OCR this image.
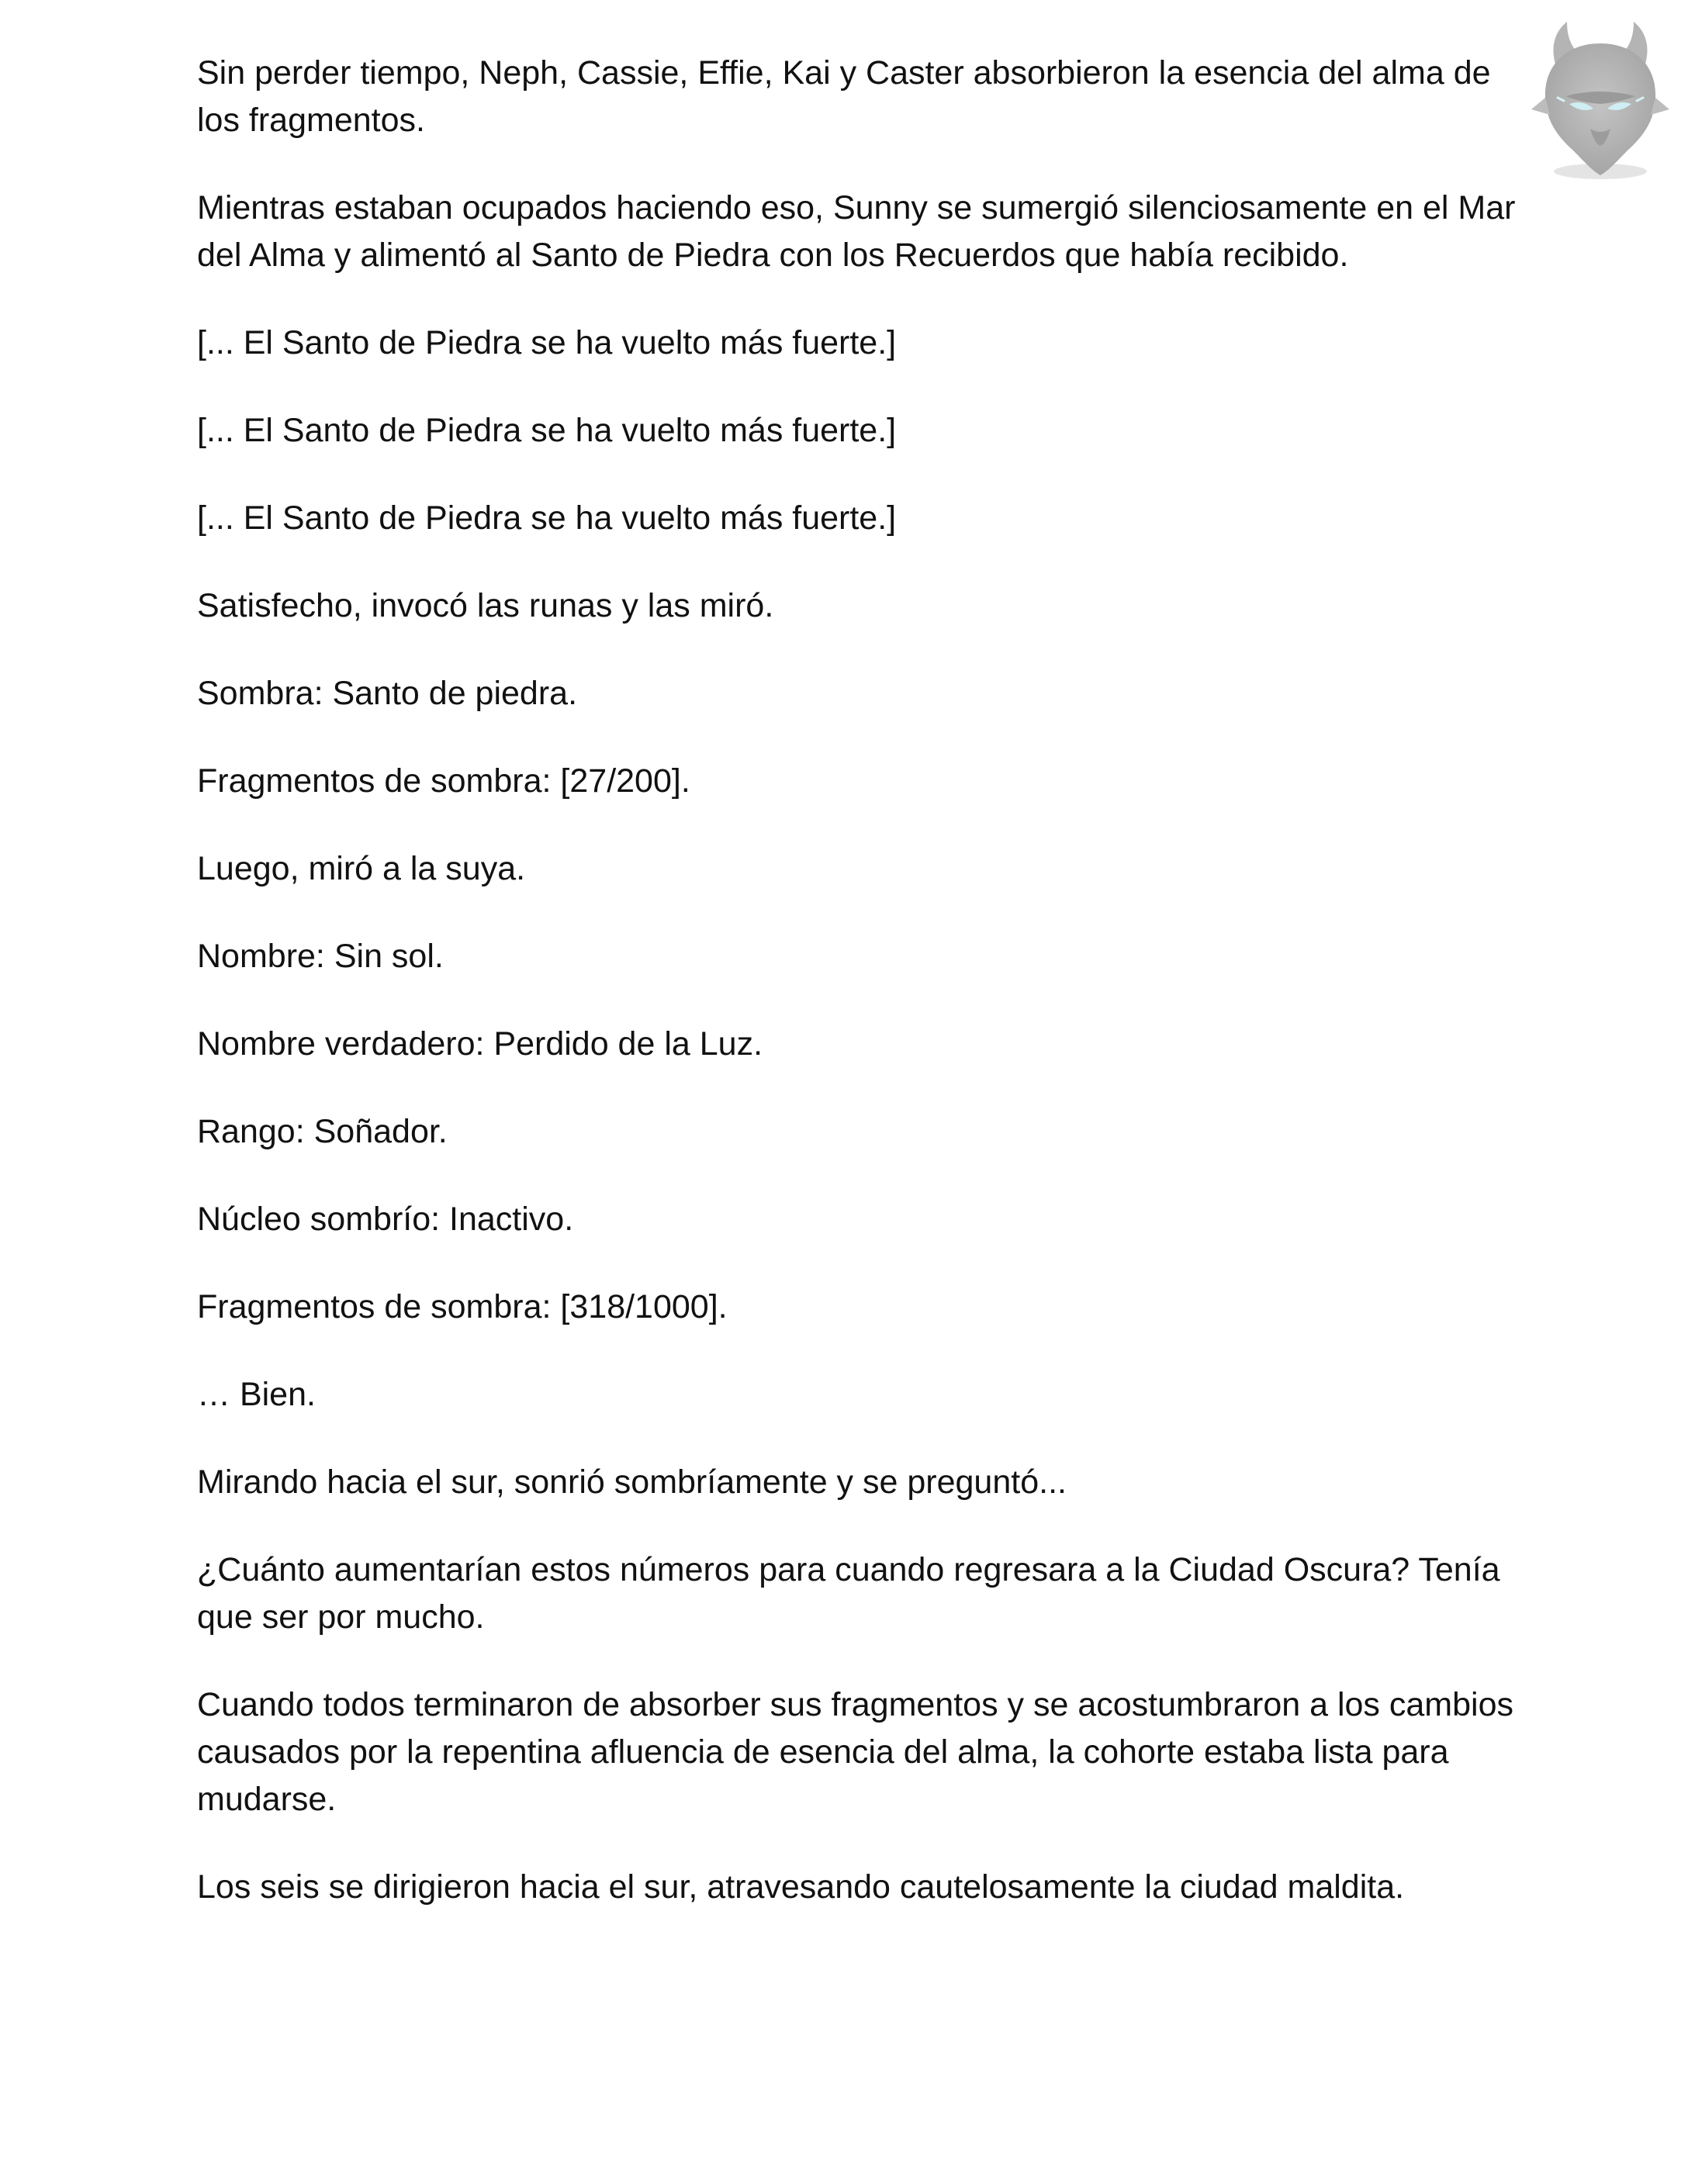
Sin perder tiempo, Neph, Cassie, Effie, Kai y Caster absorbieron la esencia del alma de los fragmentos.

Mientras estaban ocupados haciendo eso, Sunny se sumergió silenciosamente en el Mar del Alma y alimentó al Santo de Piedra con los Recuerdos que había recibido.

[... El Santo de Piedra se ha vuelto más fuerte.]

[... El Santo de Piedra se ha vuelto más fuerte.]

[... El Santo de Piedra se ha vuelto más fuerte.]

Satisfecho, invocó las runas y las miró.

Sombra: Santo de piedra.

Fragmentos de sombra: [27/200].

Luego, miró a la suya.

Nombre: Sin sol.

Nombre verdadero: Perdido de la Luz.

Rango: Soñador.

Núcleo sombrío: Inactivo.

Fragmentos de sombra: [318/1000].

… Bien.

Mirando hacia el sur, sonrió sombríamente y se preguntó...

¿Cuánto aumentarían estos números para cuando regresara a la Ciudad Oscura? Tenía que ser por mucho.

Cuando todos terminaron de absorber sus fragmentos y se acostumbraron a los cambios causados por la repentina afluencia de esencia del alma, la cohorte estaba lista para mudarse.

Los seis se dirigieron hacia el sur, atravesando cautelosamente la ciudad maldita.
